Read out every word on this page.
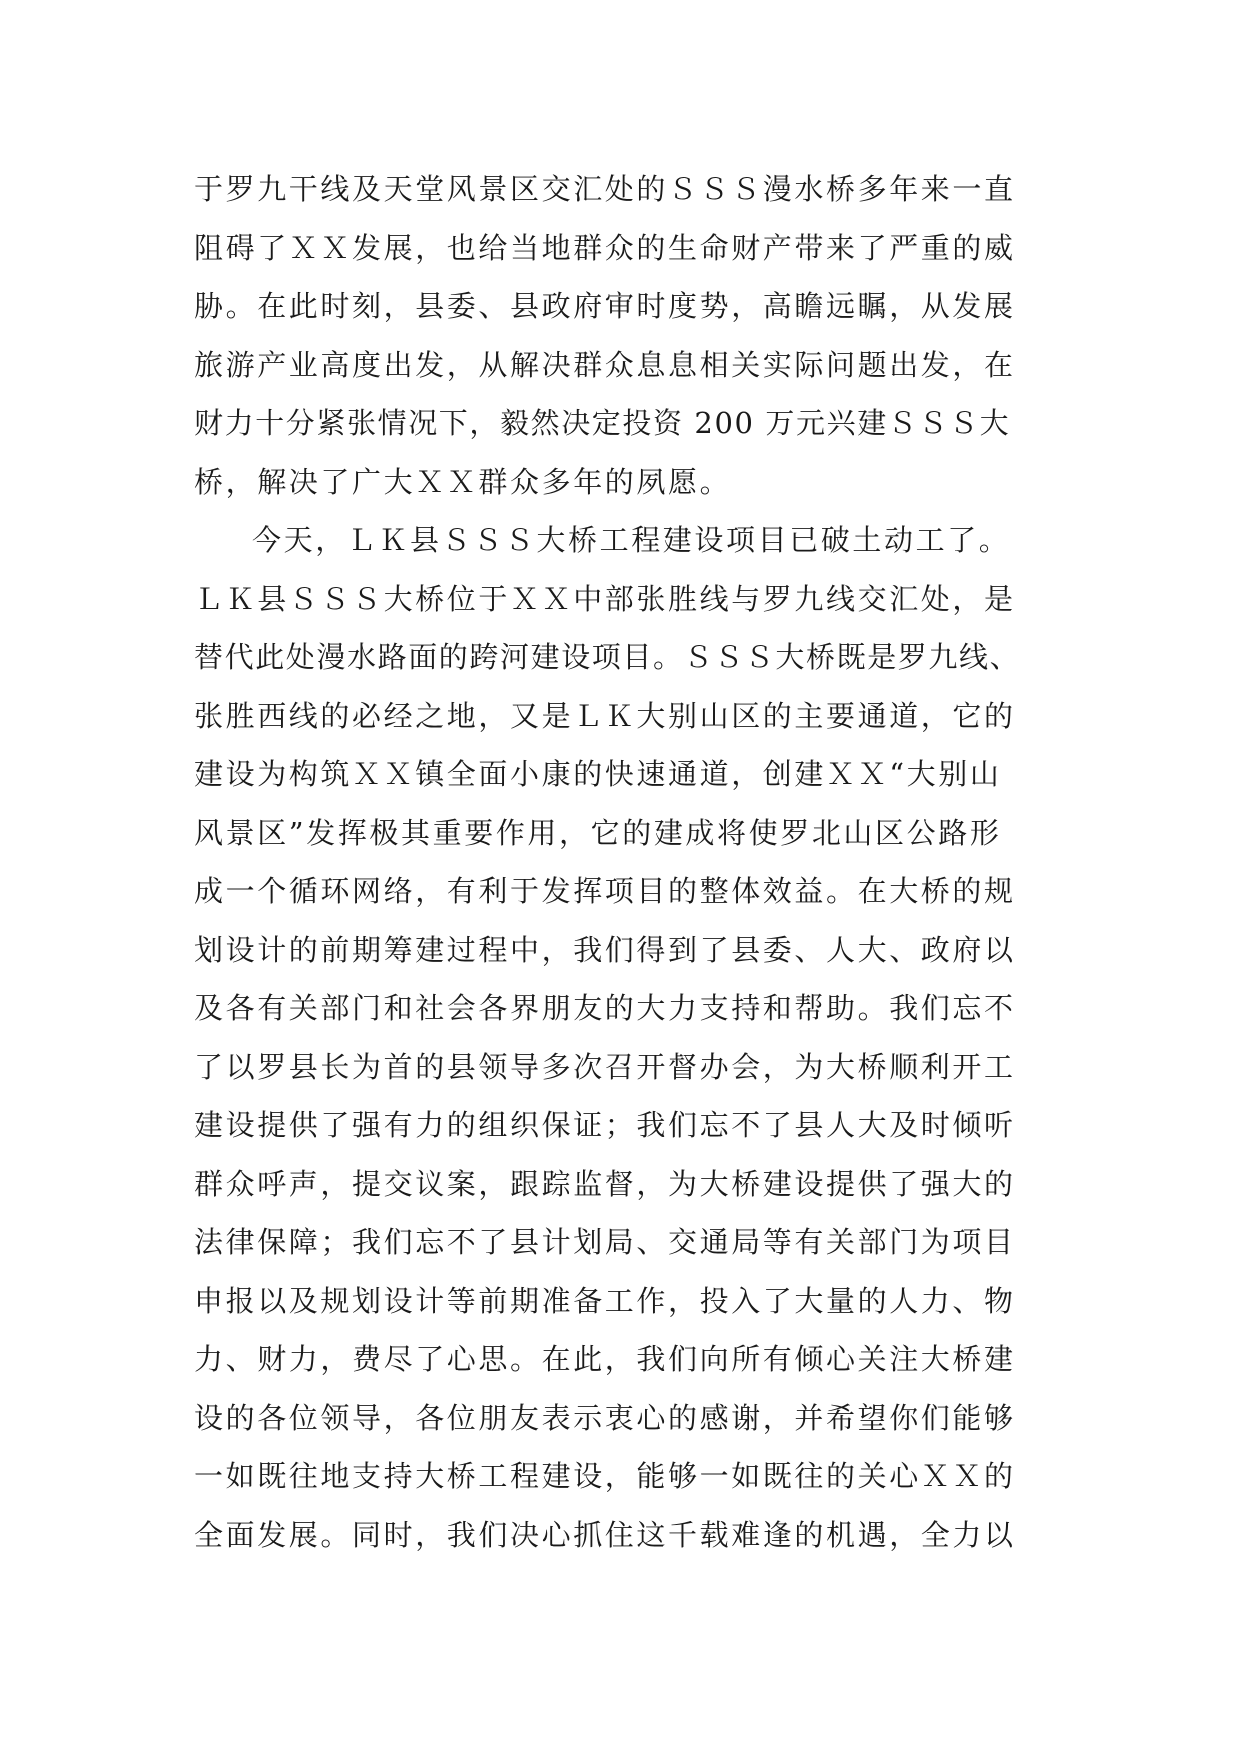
于罗九干线及天堂风景区交汇处的ＳＳＳ漫水桥多年来一直
阻碍了ＸＸ发展，也给当地群众的生命财产带来了严重的威
胁。在此时刻，县委、县政府审时度势，高瞻远瞩，从发展
旅游产业高度出发，从解决群众息息相关实际问题出发，在
财力十分紧张情况下，毅然决定投资 200 万元兴建ＳＳＳ大
桥，解决了广大ＸＸ群众多年的夙愿。
今天，ＬＫ县ＳＳＳ大桥工程建设项目已破土动工了。
ＬＫ县ＳＳＳ大桥位于ＸＸ中部张胜线与罗九线交汇处，是
替代此处漫水路面的跨河建设项目。ＳＳＳ大桥既是罗九线、
张胜西线的必经之地，又是ＬＫ大别山区的主要通道，它的
建设为构筑ＸＸ镇全面小康的快速通道，创建ＸＸ“大别山
风景区”发挥极其重要作用，它的建成将使罗北山区公路形
成一个循环网络，有利于发挥项目的整体效益。在大桥的规
划设计的前期筹建过程中，我们得到了县委、人大、政府以
及各有关部门和社会各界朋友的大力支持和帮助。我们忘不
了以罗县长为首的县领导多次召开督办会，为大桥顺利开工
建设提供了强有力的组织保证；我们忘不了县人大及时倾听
群众呼声，提交议案，跟踪监督，为大桥建设提供了强大的
法律保障；我们忘不了县计划局、交通局等有关部门为项目
申报以及规划设计等前期准备工作，投入了大量的人力、物
力、财力，费尽了心思。在此，我们向所有倾心关注大桥建
设的各位领导，各位朋友表示衷心的感谢，并希望你们能够
一如既往地支持大桥工程建设，能够一如既往的关心ＸＸ的
全面发展。同时，我们决心抓住这千载难逢的机遇，全力以
